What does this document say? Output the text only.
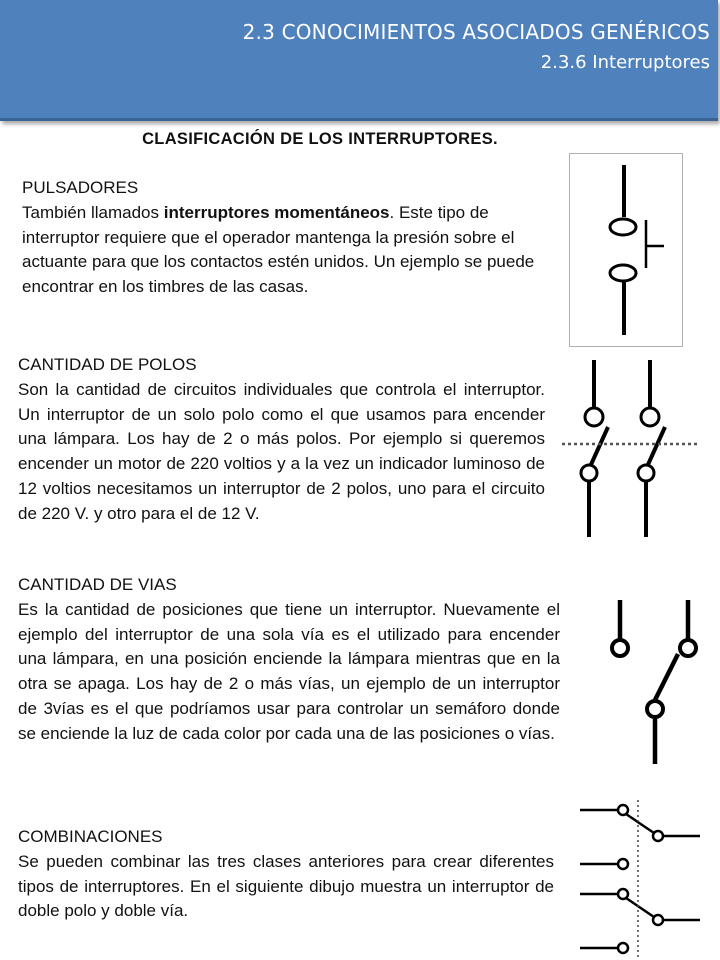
2.3 CONOCIMIENTOS ASOCIADOS GENÉRICOS
2.3.6 Interruptores
CLASIFICACIÓN DE LOS INTERRUPTORES.
PULSADORES

También llamados interruptores momentáneos. Este tipo de interruptor requiere que el operador mantenga la presión sobre el actuante para que los contactos estén unidos. Un ejemplo se puede encontrar en los timbres de las casas.

CANTIDAD DE POLOS

Son la cantidad de circuitos individuales que controla el interruptor. Un interruptor de un solo polo como el que usamos para encender una lámpara. Los hay de 2 o más polos. Por ejemplo si queremos encender un motor de 220 voltios y a la vez un indicador luminoso de 12 voltios necesitamos un interruptor de 2 polos, uno para el circuito de 220 V. y otro para el de 12 V.

CANTIDAD DE VIAS

Es la cantidad de posiciones que tiene un interruptor. Nuevamente el ejemplo del interruptor de una sola vía es el utilizado para encender una lámpara, en una posición enciende la lámpara mientras que en la otra se apaga. Los hay de 2 o más vías, un ejemplo de un interruptor de 3vías es el que podríamos usar para controlar un semáforo donde se enciende la luz de cada color por cada una de las posiciones o vías.

COMBINACIONES

Se pueden combinar las tres clases anteriores para crear diferentes tipos de interruptores. En el siguiente dibujo muestra un interruptor de doble polo y doble vía.
